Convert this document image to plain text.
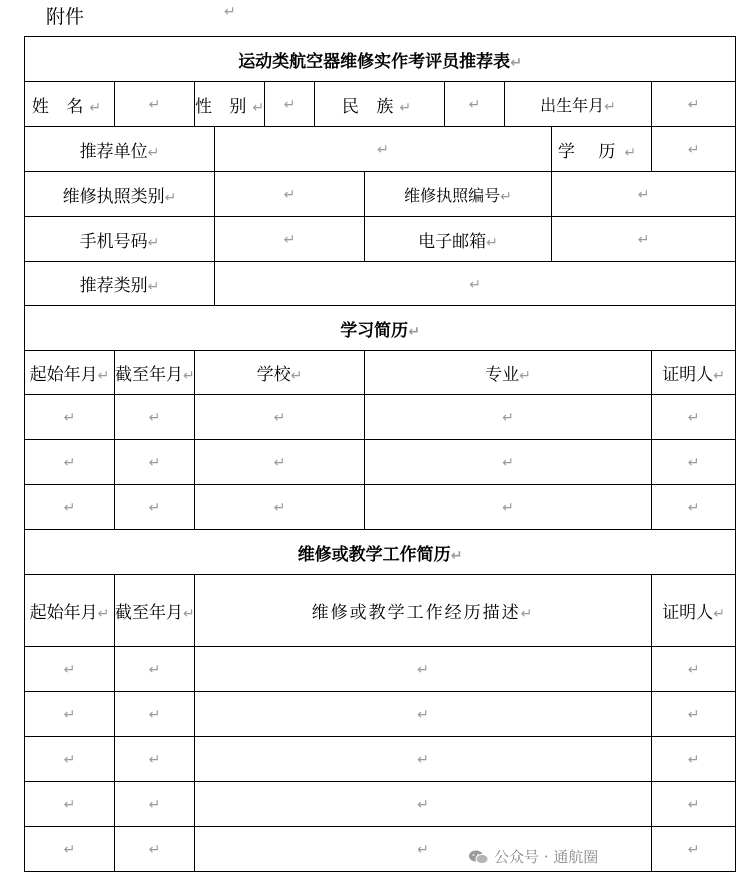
附件	↵
运动类航空器维修实作考评员推荐表↵										
姓 名↵	↵	性 别↵		↵	民 族↵		↵	出生年月↵		↵
推荐单位↵			↵						学 历↵	↵
维修执照类别↵			↵			维修执照编号↵			↵	
手机号码↵			↵			电子邮箱↵			↵	
推荐类别↵			↵							
学习简历↵										
起始年月↵	截至年月↵	学校↵				专业↵				证明人↵
↵	↵	↵				↵				↵
↵	↵	↵				↵				↵
↵	↵	↵				↵				↵
维修或教学工作简历↵										
起始年月↵	截至年月↵	维修或教学工作经历描述↵								证明人↵
↵	↵	↵								↵
↵	↵	↵								↵
↵	↵	↵								↵
↵	↵	↵								↵
↵	↵	↵								↵
公众号 · 通航圈
